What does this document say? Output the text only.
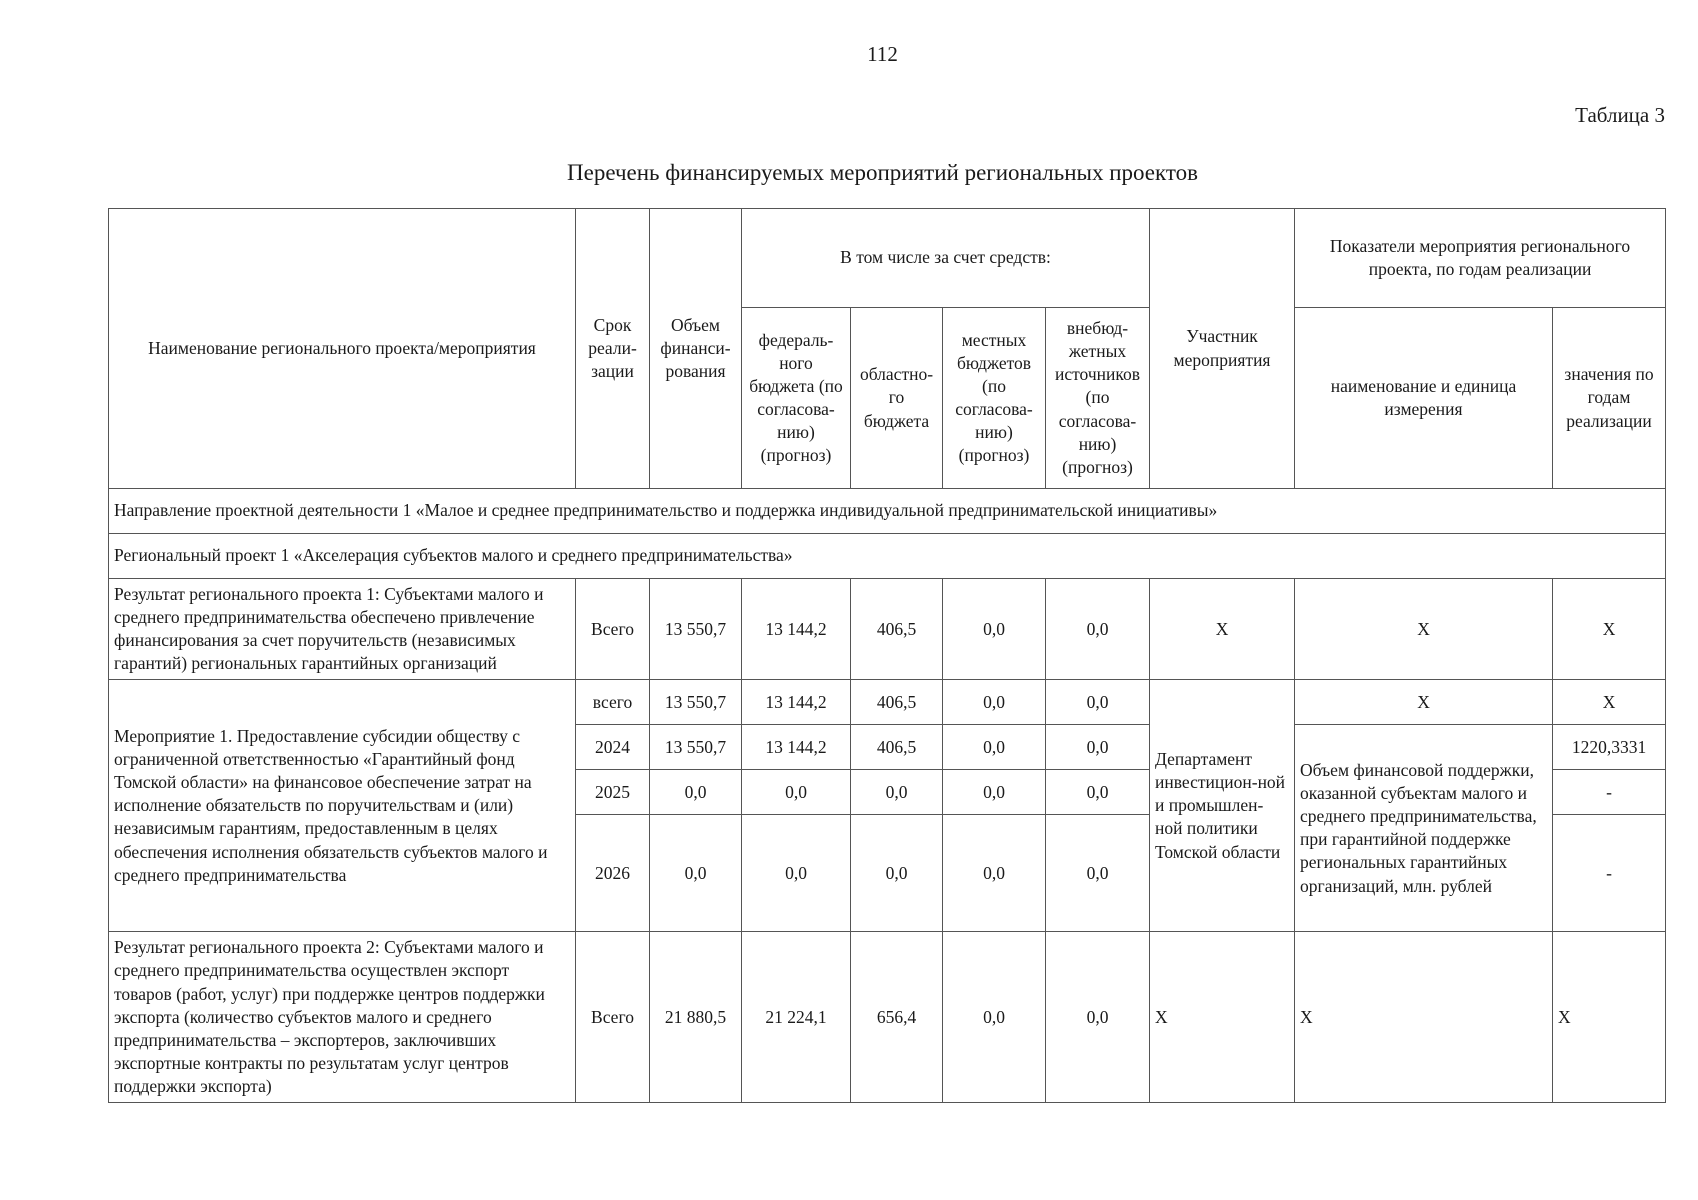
112
Таблица 3
Перечень финансируемых мероприятий региональных проектов
Наименование регионального проекта/мероприятия	Срок реали-зации	Объем финанси-рования	В том числе за счет средств:				Участник мероприятия	Показатели мероприятия регионального проекта, по годам реализации	
			федераль-ного бюджета (по согласова-нию) (прогноз)	областно-го бюджета	местных бюджетов (по согласова-нию) (прогноз)	внебюд-жетных источников (по согласова-нию) (прогноз)		наименование и единица измерения	значения по годам реализации
Направление проектной деятельности 1 «Малое и среднее предпринимательство и поддержка индивидуальной предпринимательской инициативы»									
Региональный проект 1 «Акселерация субъектов малого и среднего предпринимательства»									
Результат регионального проекта 1: Субъектами малого и среднего предпринимательства обеспечено привлечение финансирования за счет поручительств (независимых гарантий) региональных гарантийных организаций	Всего	13 550,7	13 144,2	406,5	0,0	0,0	Х	Х	Х
Мероприятие 1. Предоставление субсидии обществу с ограниченной ответственностью «Гарантийный фонд Томской области» на финансовое обеспечение затрат на исполнение обязательств по поручительствам и (или) независимым гарантиям, предоставленным в целях обеспечения исполнения обязательств субъектов малого и среднего предпринимательства	всего	13 550,7	13 144,2	406,5	0,0	0,0	Департамент инвестицион-ной и промышлен-ной политики Томской области	Х	Х
	2024	13 550,7	13 144,2	406,5	0,0	0,0		Объем финансовой поддержки, оказанной субъектам малого и среднего предпринимательства, при гарантийной поддержке региональных гарантийных организаций, млн. рублей	1220,3331
	2025	0,0	0,0	0,0	0,0	0,0			-
	2026	0,0	0,0	0,0	0,0	0,0			-
Результат регионального проекта 2: Субъектами малого и среднего предпринимательства осуществлен экспорт товаров (работ, услуг) при поддержке центров поддержки экспорта (количество субъектов малого и среднего предпринимательства – экспортеров, заключивших экспортные контракты по результатам услуг центров поддержки экспорта)	Всего	21 880,5	21 224,1	656,4	0,0	0,0	Х	Х	Х
